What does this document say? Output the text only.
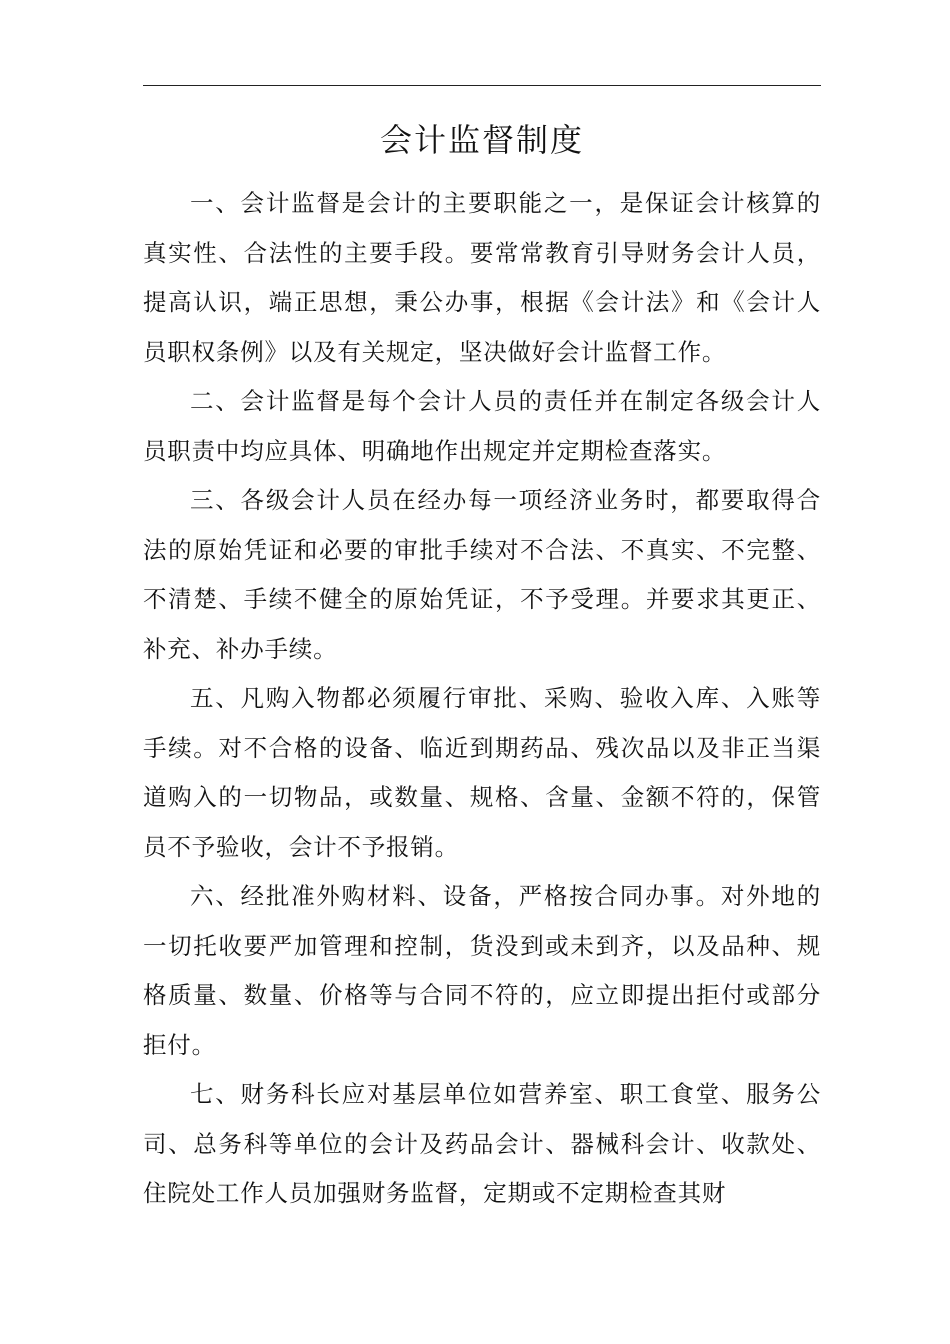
会计监督制度

一、会计监督是会计的主要职能之一，是保证会计核算的真实性、合法性的主要手段。要常常教育引导财务会计人员，提高认识，端正思想，秉公办事，根据《会计法》和《会计人员职权条例》以及有关规定，坚决做好会计监督工作。

二、会计监督是每个会计人员的责任并在制定各级会计人员职责中均应具体、明确地作出规定并定期检查落实。

三、各级会计人员在经办每一项经济业务时，都要取得合法的原始凭证和必要的审批手续对不合法、不真实、不完整、不清楚、手续不健全的原始凭证，不予受理。并要求其更正、补充、补办手续。

五、凡购入物都必须履行审批、采购、验收入库、入账等手续。对不合格的设备、临近到期药品、残次品以及非正当渠道购入的一切物品，或数量、规格、含量、金额不符的，保管员不予验收，会计不予报销。

六、经批准外购材料、设备，严格按合同办事。对外地的一切托收要严加管理和控制，货没到或未到齐，以及品种、规格质量、数量、价格等与合同不符的，应立即提出拒付或部分拒付。

七、财务科长应对基层单位如营养室、职工食堂、服务公司、总务科等单位的会计及药品会计、器械科会计、收款处、住院处工作人员加强财务监督，定期或不定期检查其财
